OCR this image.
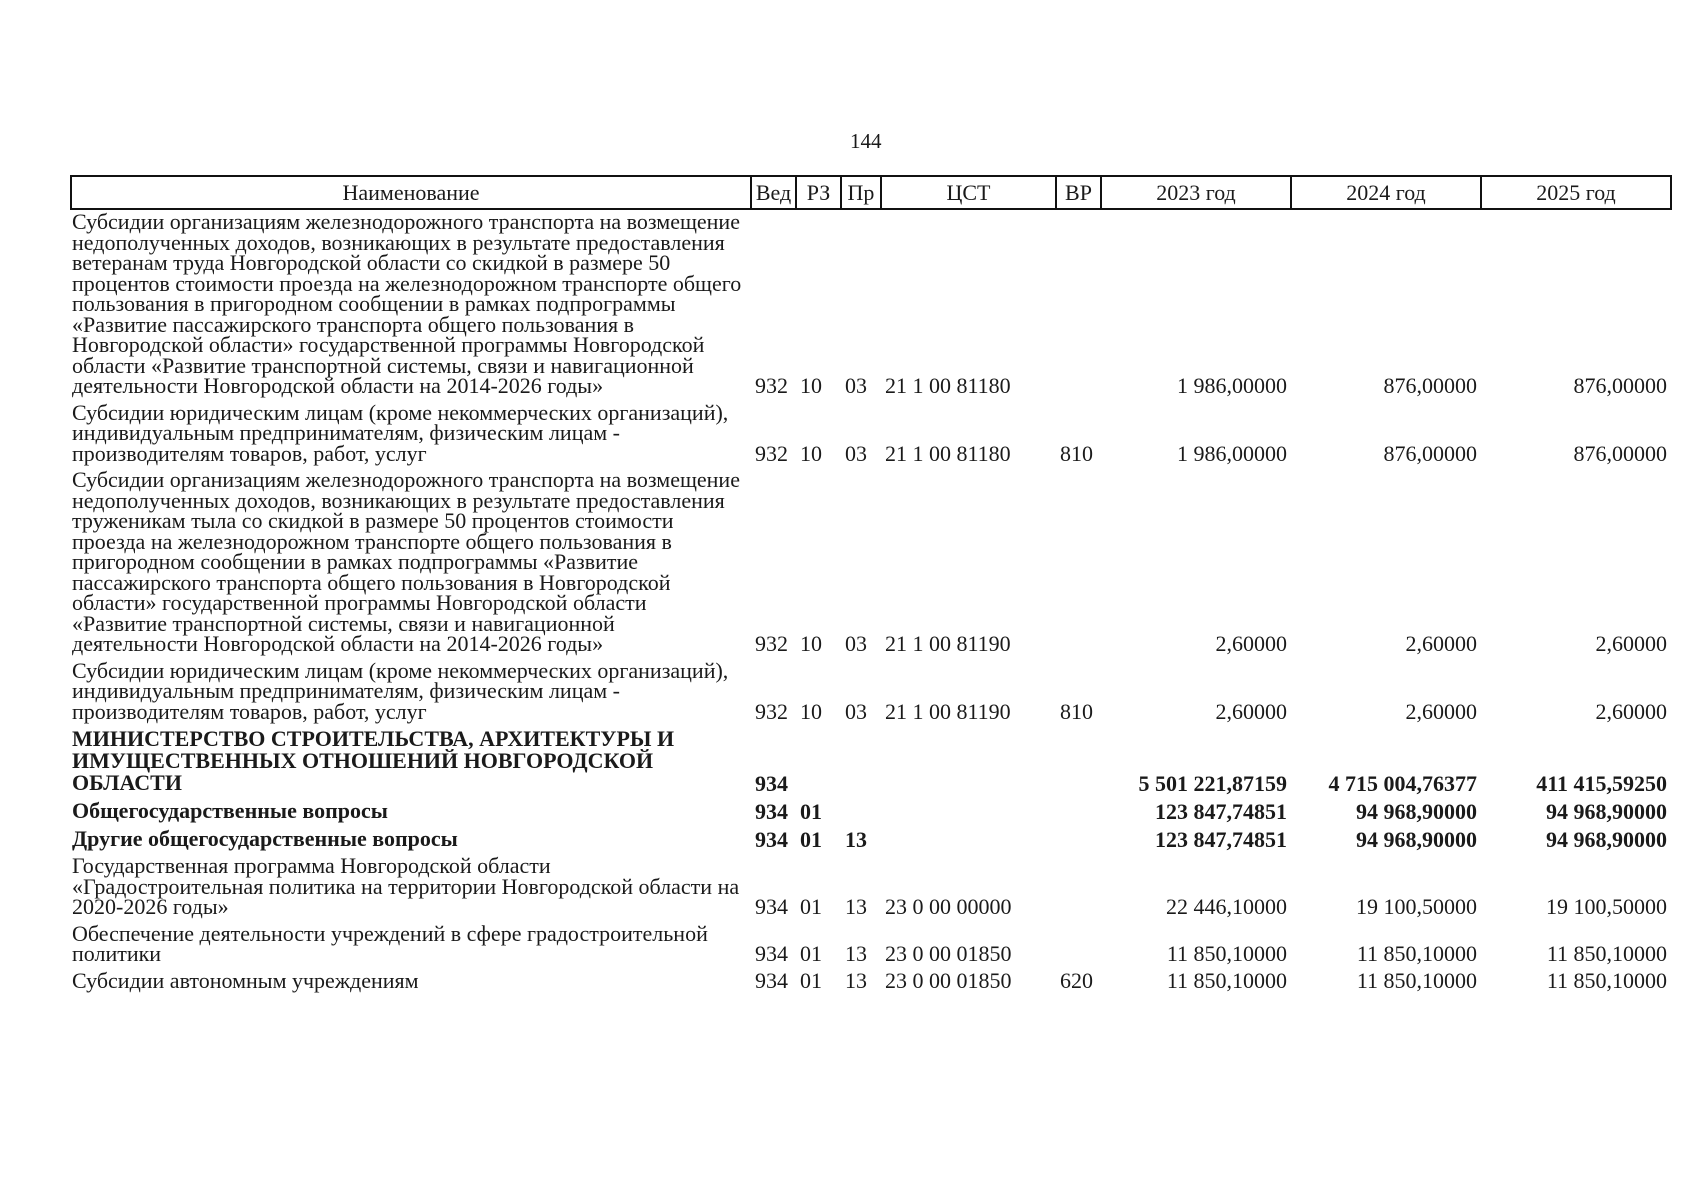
144
Наименование	Вед	РЗ	Пр	ЦСТ	ВР	2023 год	2024 год	2025 год
Субсидии организациям железнодорожного транспорта на возмещение недополученных доходов, возникающих в результате предоставления ветеранам труда Новгородской области со скидкой в размере 50 процентов стоимости проезда на железнодорожном транспорте общего пользования в пригородном сообщении в рамках подпрограммы «Развитие пассажирского транспорта общего пользования в Новгородской области» государственной программы Новгородской области «Развитие транспортной системы, связи и навигационной деятельности Новгородской области на 2014-2026 годы»	932	10	03	21 1 00 81180		1 986,00000	876,00000	876,00000
Субсидии юридическим лицам (кроме некоммерческих организаций), индивидуальным предпринимателям, физическим лицам - производителям товаров, работ, услуг	932	10	03	21 1 00 81180	810	1 986,00000	876,00000	876,00000
Субсидии организациям железнодорожного транспорта на возмещение недополученных доходов, возникающих в результате предоставления труженикам тыла со скидкой в размере 50 процентов стоимости проезда на железнодорожном транспорте общего пользования в пригородном сообщении в рамках подпрограммы «Развитие пассажирского транспорта общего пользования в Новгородской области» государственной программы Новгородской области «Развитие транспортной системы, связи и навигационной деятельности Новгородской области на 2014-2026 годы»	932	10	03	21 1 00 81190		2,60000	2,60000	2,60000
Субсидии юридическим лицам (кроме некоммерческих организаций), индивидуальным предпринимателям, физическим лицам - производителям товаров, работ, услуг	932	10	03	21 1 00 81190	810	2,60000	2,60000	2,60000
МИНИСТЕРСТВО СТРОИТЕЛЬСТВА, АРХИТЕКТУРЫ И ИМУЩЕСТВЕННЫХ ОТНОШЕНИЙ НОВГОРОДСКОЙ ОБЛАСТИ	934					5 501 221,87159	4 715 004,76377	411 415,59250
Общегосударственные вопросы	934	01				123 847,74851	94 968,90000	94 968,90000
Другие общегосударственные вопросы	934	01	13			123 847,74851	94 968,90000	94 968,90000
Государственная программа Новгородской области «Градостроительная политика на территории Новгородской области на 2020-2026 годы»	934	01	13	23 0 00 00000		22 446,10000	19 100,50000	19 100,50000
Обеспечение деятельности учреждений в сфере градостроительной политики	934	01	13	23 0 00 01850		11 850,10000	11 850,10000	11 850,10000
Субсидии автономным учреждениям	934	01	13	23 0 00 01850	620	11 850,10000	11 850,10000	11 850,10000
